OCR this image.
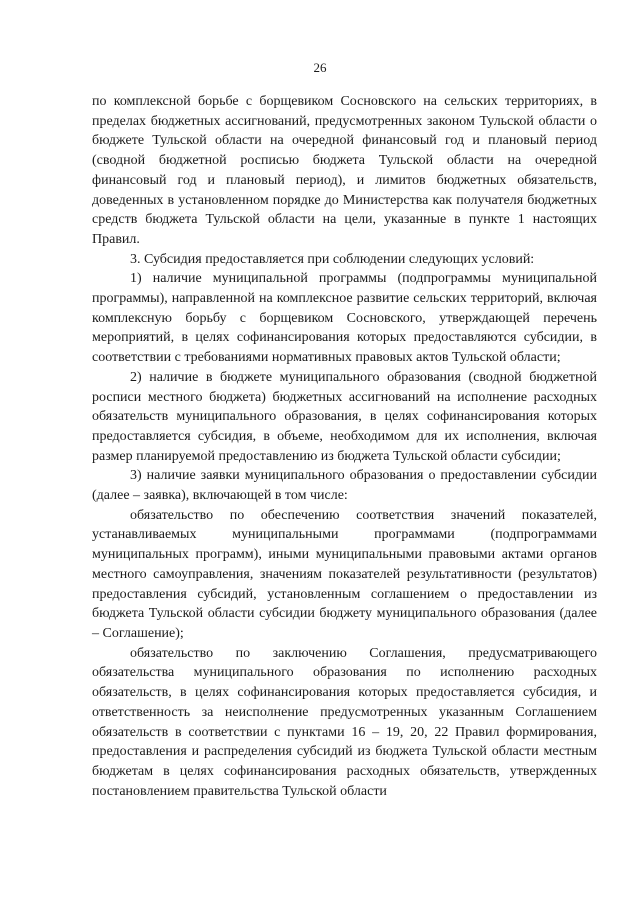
26

по комплексной борьбе с борщевиком Сосновского на сельских территориях, в пределах бюджетных ассигнований, предусмотренных законом Тульской области о бюджете Тульской области на очередной финансовый год и плановый период (сводной бюджетной росписью бюджета Тульской области на очередной финансовый год и плановый период), и лимитов бюджетных обязательств, доведенных в установленном порядке до Министерства как получателя бюджетных средств бюджета Тульской области на цели, указанные в пункте 1 настоящих Правил.

3. Субсидия предоставляется при соблюдении следующих условий:

1) наличие муниципальной программы (подпрограммы муниципальной программы), направленной на комплексное развитие сельских территорий, включая комплексную борьбу с борщевиком Сосновского, утверждающей перечень мероприятий, в целях софинансирования которых предоставляются субсидии, в соответствии с требованиями нормативных правовых актов Тульской области;

2) наличие в бюджете муниципального образования (сводной бюджетной росписи местного бюджета) бюджетных ассигнований на исполнение расходных обязательств муниципального образования, в целях софинансирования которых предоставляется субсидия, в объеме, необходимом для их исполнения, включая размер планируемой предоставлению из бюджета Тульской области субсидии;

3) наличие заявки муниципального образования о предоставлении субсидии (далее – заявка), включающей в том числе:

обязательство по обеспечению соответствия значений показателей, устанавливаемых муниципальными программами (подпрограммами муниципальных программ), иными муниципальными правовыми актами органов местного самоуправления, значениям показателей результативности (результатов) предоставления субсидий, установленным соглашением о предоставлении из бюджета Тульской области субсидии бюджету муниципального образования (далее – Соглашение);

обязательство по заключению Соглашения, предусматривающего обязательства муниципального образования по исполнению расходных обязательств, в целях софинансирования которых предоставляется субсидия, и ответственность за неисполнение предусмотренных указанным Соглашением обязательств в соответствии с пунктами 16 – 19, 20, 22 Правил формирования, предоставления и распределения субсидий из бюджета Тульской области местным бюджетам в целях софинансирования расходных обязательств, утвержденных постановлением правительства Тульской области
